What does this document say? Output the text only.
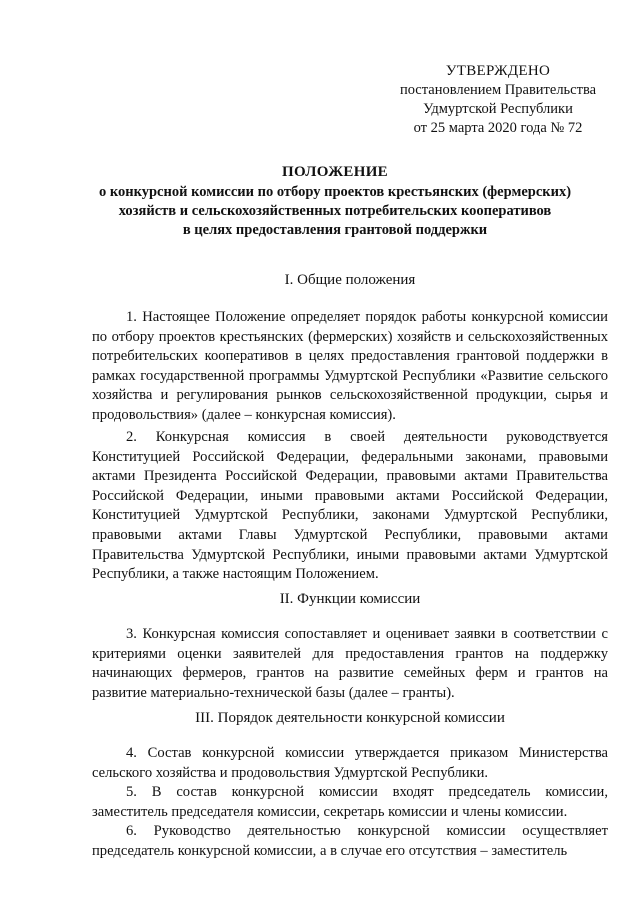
УТВЕРЖДЕНО
постановлением Правительства
Удмуртской Республики
от 25 марта 2020 года № 72
ПОЛОЖЕНИЕ
о конкурсной комиссии по отбору проектов крестьянских (фермерских)
хозяйств и сельскохозяйственных потребительских кооперативов
в целях предоставления грантовой поддержки
I. Общие положения

1. Настоящее Положение определяет порядок работы конкурсной комиссии по отбору проектов крестьянских (фермерских) хозяйств и сельскохозяйственных потребительских кооперативов в целях предоставления грантовой поддержки в рамках государственной программы Удмуртской Республики «Развитие сельского хозяйства и регулирования рынков сельскохозяйственной продукции, сырья и продовольствия» (далее – конкурсная комиссия).

2. Конкурсная комиссия в своей деятельности руководствуется Конституцией Российской Федерации, федеральными законами, правовыми актами Президента Российской Федерации, правовыми актами Правительства Российской Федерации, иными правовыми актами Российской Федерации, Конституцией Удмуртской Республики, законами Удмуртской Республики, правовыми актами Главы Удмуртской Республики, правовыми актами Правительства Удмуртской Республики, иными правовыми актами Удмуртской Республики, а также настоящим Положением.

II. Функции комиссии

3. Конкурсная комиссия сопоставляет и оценивает заявки в соответствии с критериями оценки заявителей для предоставления грантов на поддержку начинающих фермеров, грантов на развитие семейных ферм и грантов на развитие материально-технической базы (далее – гранты).

III. Порядок деятельности конкурсной комиссии

4. Состав конкурсной комиссии утверждается приказом Министерства сельского хозяйства и продовольствия Удмуртской Республики.

5. В состав конкурсной комиссии входят председатель комиссии, заместитель председателя комиссии, секретарь комиссии и члены комиссии.

6. Руководство деятельностью конкурсной комиссии осуществляет председатель конкурсной комиссии, а в случае его отсутствия – заместитель
